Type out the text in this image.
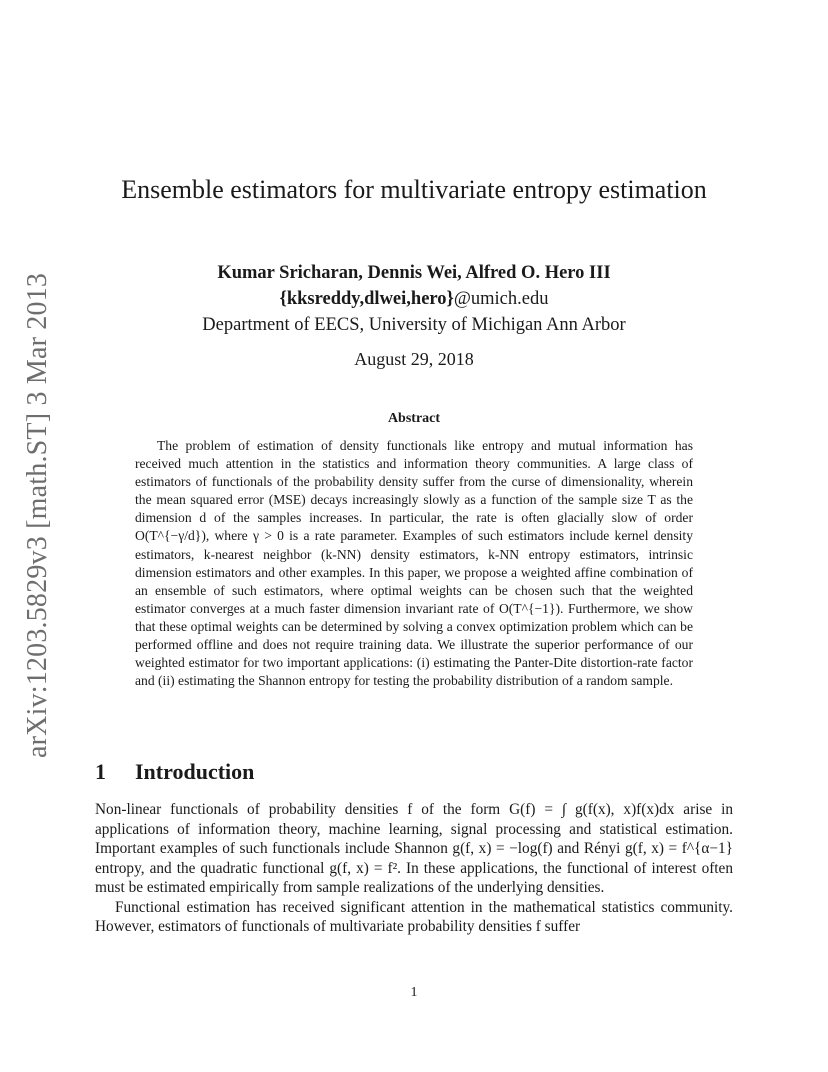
arXiv:1203.5829v3 [math.ST] 3 Mar 2013
Ensemble estimators for multivariate entropy estimation
Kumar Sricharan, Dennis Wei, Alfred O. Hero III
{kksreddy,dlwei,hero}@umich.edu
Department of EECS, University of Michigan Ann Arbor
August 29, 2018
Abstract

The problem of estimation of density functionals like entropy and mutual information has received much attention in the statistics and information theory communities. A large class of estimators of functionals of the probability density suffer from the curse of dimensionality, wherein the mean squared error (MSE) decays increasingly slowly as a function of the sample size T as the dimension d of the samples increases. In particular, the rate is often glacially slow of order O(T^{−γ/d}), where γ > 0 is a rate parameter. Examples of such estimators include kernel density estimators, k-nearest neighbor (k-NN) density estimators, k-NN entropy estimators, intrinsic dimension estimators and other examples. In this paper, we propose a weighted affine combination of an ensemble of such estimators, where optimal weights can be chosen such that the weighted estimator converges at a much faster dimension invariant rate of O(T^{−1}). Furthermore, we show that these optimal weights can be determined by solving a convex optimization problem which can be performed offline and does not require training data. We illustrate the superior performance of our weighted estimator for two important applications: (i) estimating the Panter-Dite distortion-rate factor and (ii) estimating the Shannon entropy for testing the probability distribution of a random sample.

1 Introduction

Non-linear functionals of probability densities f of the form G(f) = ∫ g(f(x), x)f(x)dx arise in applications of information theory, machine learning, signal processing and statistical estimation. Important examples of such functionals include Shannon g(f, x) = −log(f) and Rényi g(f, x) = f^{α−1} entropy, and the quadratic functional g(f, x) = f². In these applications, the functional of interest often must be estimated empirically from sample realizations of the underlying densities.

Functional estimation has received significant attention in the mathematical statistics community. However, estimators of functionals of multivariate probability densities f suffer

1
